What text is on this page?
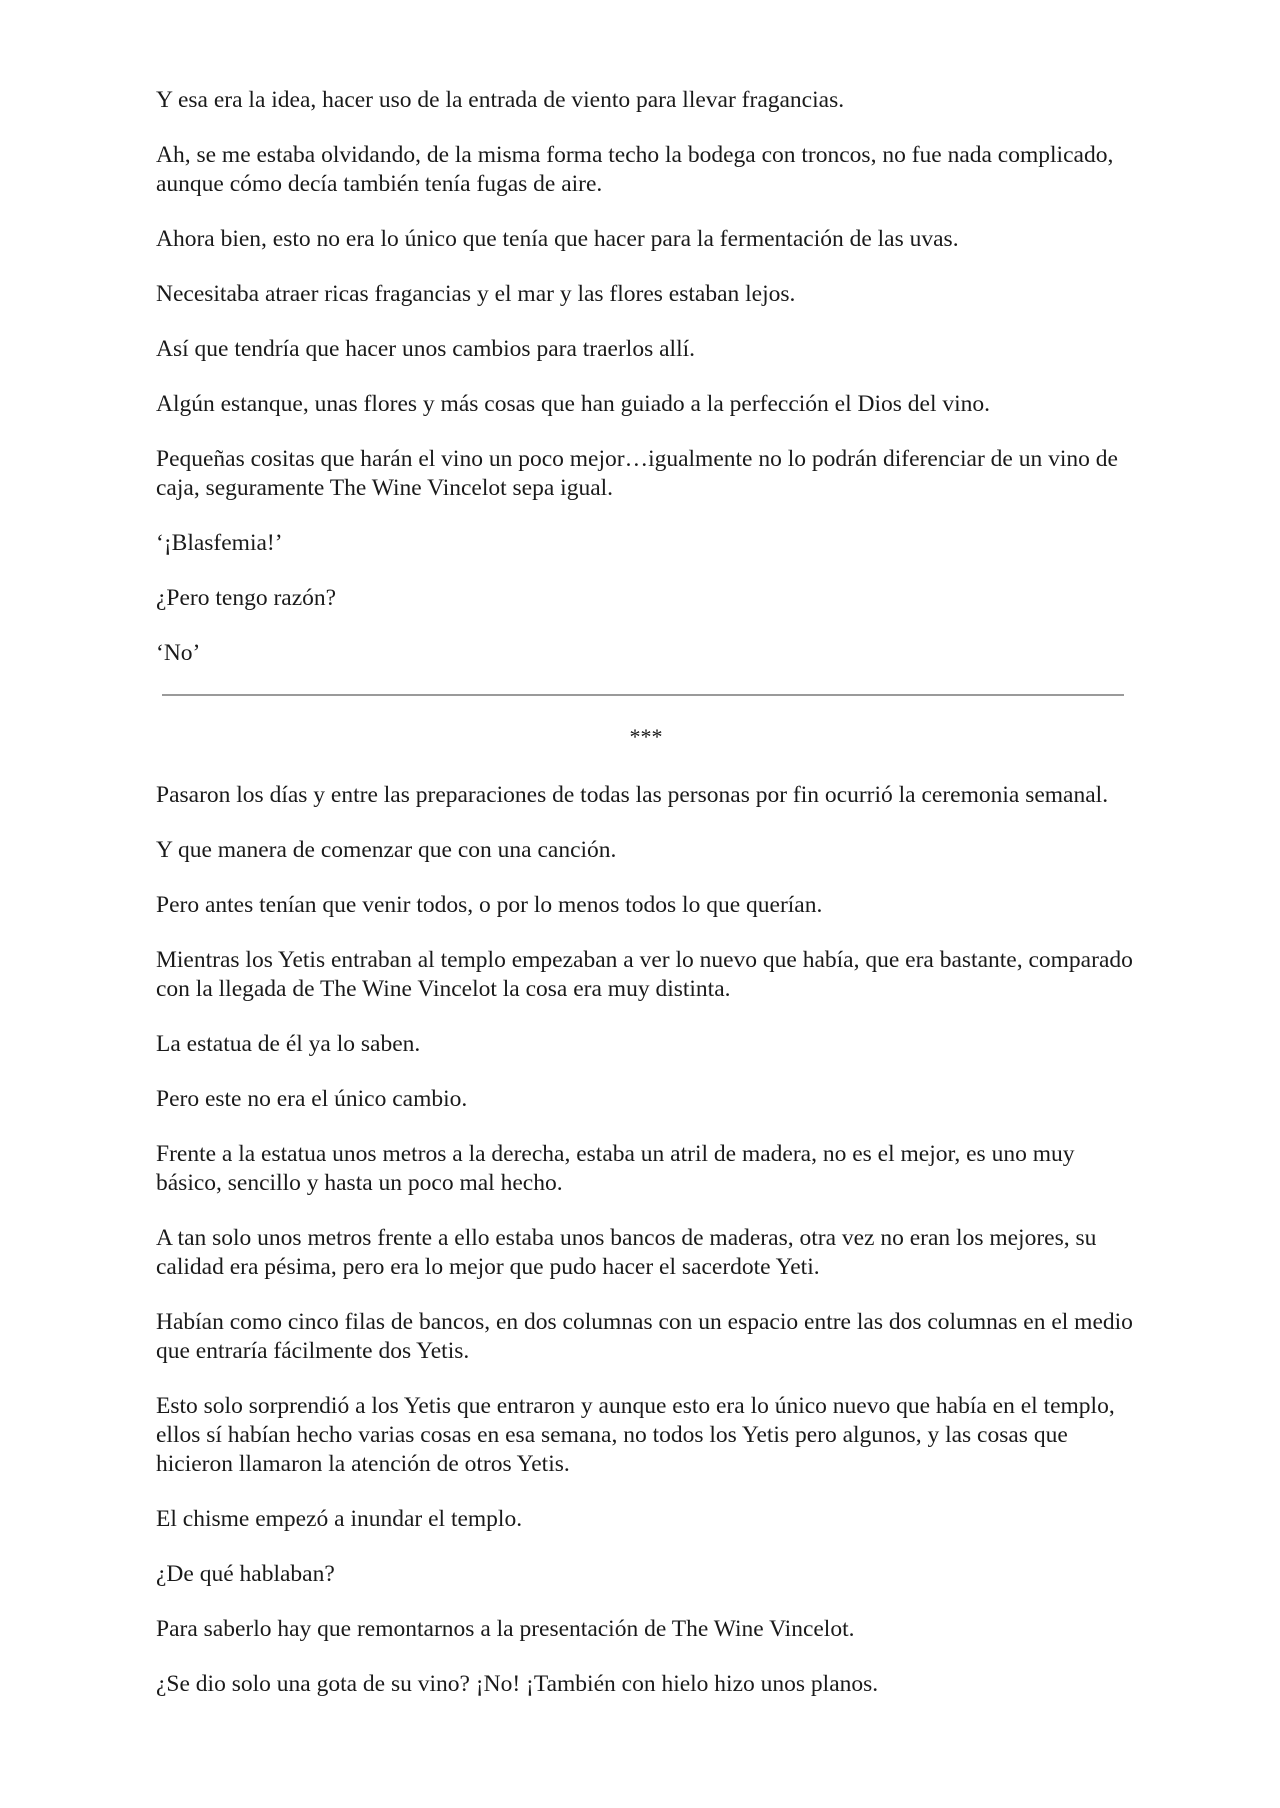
Y esa era la idea, hacer uso de la entrada de viento para llevar fragancias.

Ah, se me estaba olvidando, de la misma forma techo la bodega con troncos, no fue nada complicado, aunque cómo decía también tenía fugas de aire.

Ahora bien, esto no era lo único que tenía que hacer para la fermentación de las uvas.

Necesitaba atraer ricas fragancias y el mar y las flores estaban lejos.

Así que tendría que hacer unos cambios para traerlos allí.

Algún estanque, unas flores y más cosas que han guiado a la perfección el Dios del vino.

Pequeñas cositas que harán el vino un poco mejor…igualmente no lo podrán diferenciar de un vino de caja, seguramente The Wine Vincelot sepa igual.

‘¡Blasfemia!’

¿Pero tengo razón?

‘No’

***

Pasaron los días y entre las preparaciones de todas las personas por fin ocurrió la ceremonia semanal.

Y que manera de comenzar que con una canción.

Pero antes tenían que venir todos, o por lo menos todos lo que querían.

Mientras los Yetis entraban al templo empezaban a ver lo nuevo que había, que era bastante, comparado con la llegada de The Wine Vincelot la cosa era muy distinta.

La estatua de él ya lo saben.

Pero este no era el único cambio.

Frente a la estatua unos metros a la derecha, estaba un atril de madera, no es el mejor, es uno muy básico, sencillo y hasta un poco mal hecho.

A tan solo unos metros frente a ello estaba unos bancos de maderas, otra vez no eran los mejores, su calidad era pésima, pero era lo mejor que pudo hacer el sacerdote Yeti.

Habían como cinco filas de bancos, en dos columnas con un espacio entre las dos columnas en el medio que entraría fácilmente dos Yetis.

Esto solo sorprendió a los Yetis que entraron y aunque esto era lo único nuevo que había en el templo, ellos sí habían hecho varias cosas en esa semana, no todos los Yetis pero algunos, y las cosas que hicieron llamaron la atención de otros Yetis.

El chisme empezó a inundar el templo.

¿De qué hablaban?

Para saberlo hay que remontarnos a la presentación de The Wine Vincelot.

¿Se dio solo una gota de su vino? ¡No! ¡También con hielo hizo unos planos.
